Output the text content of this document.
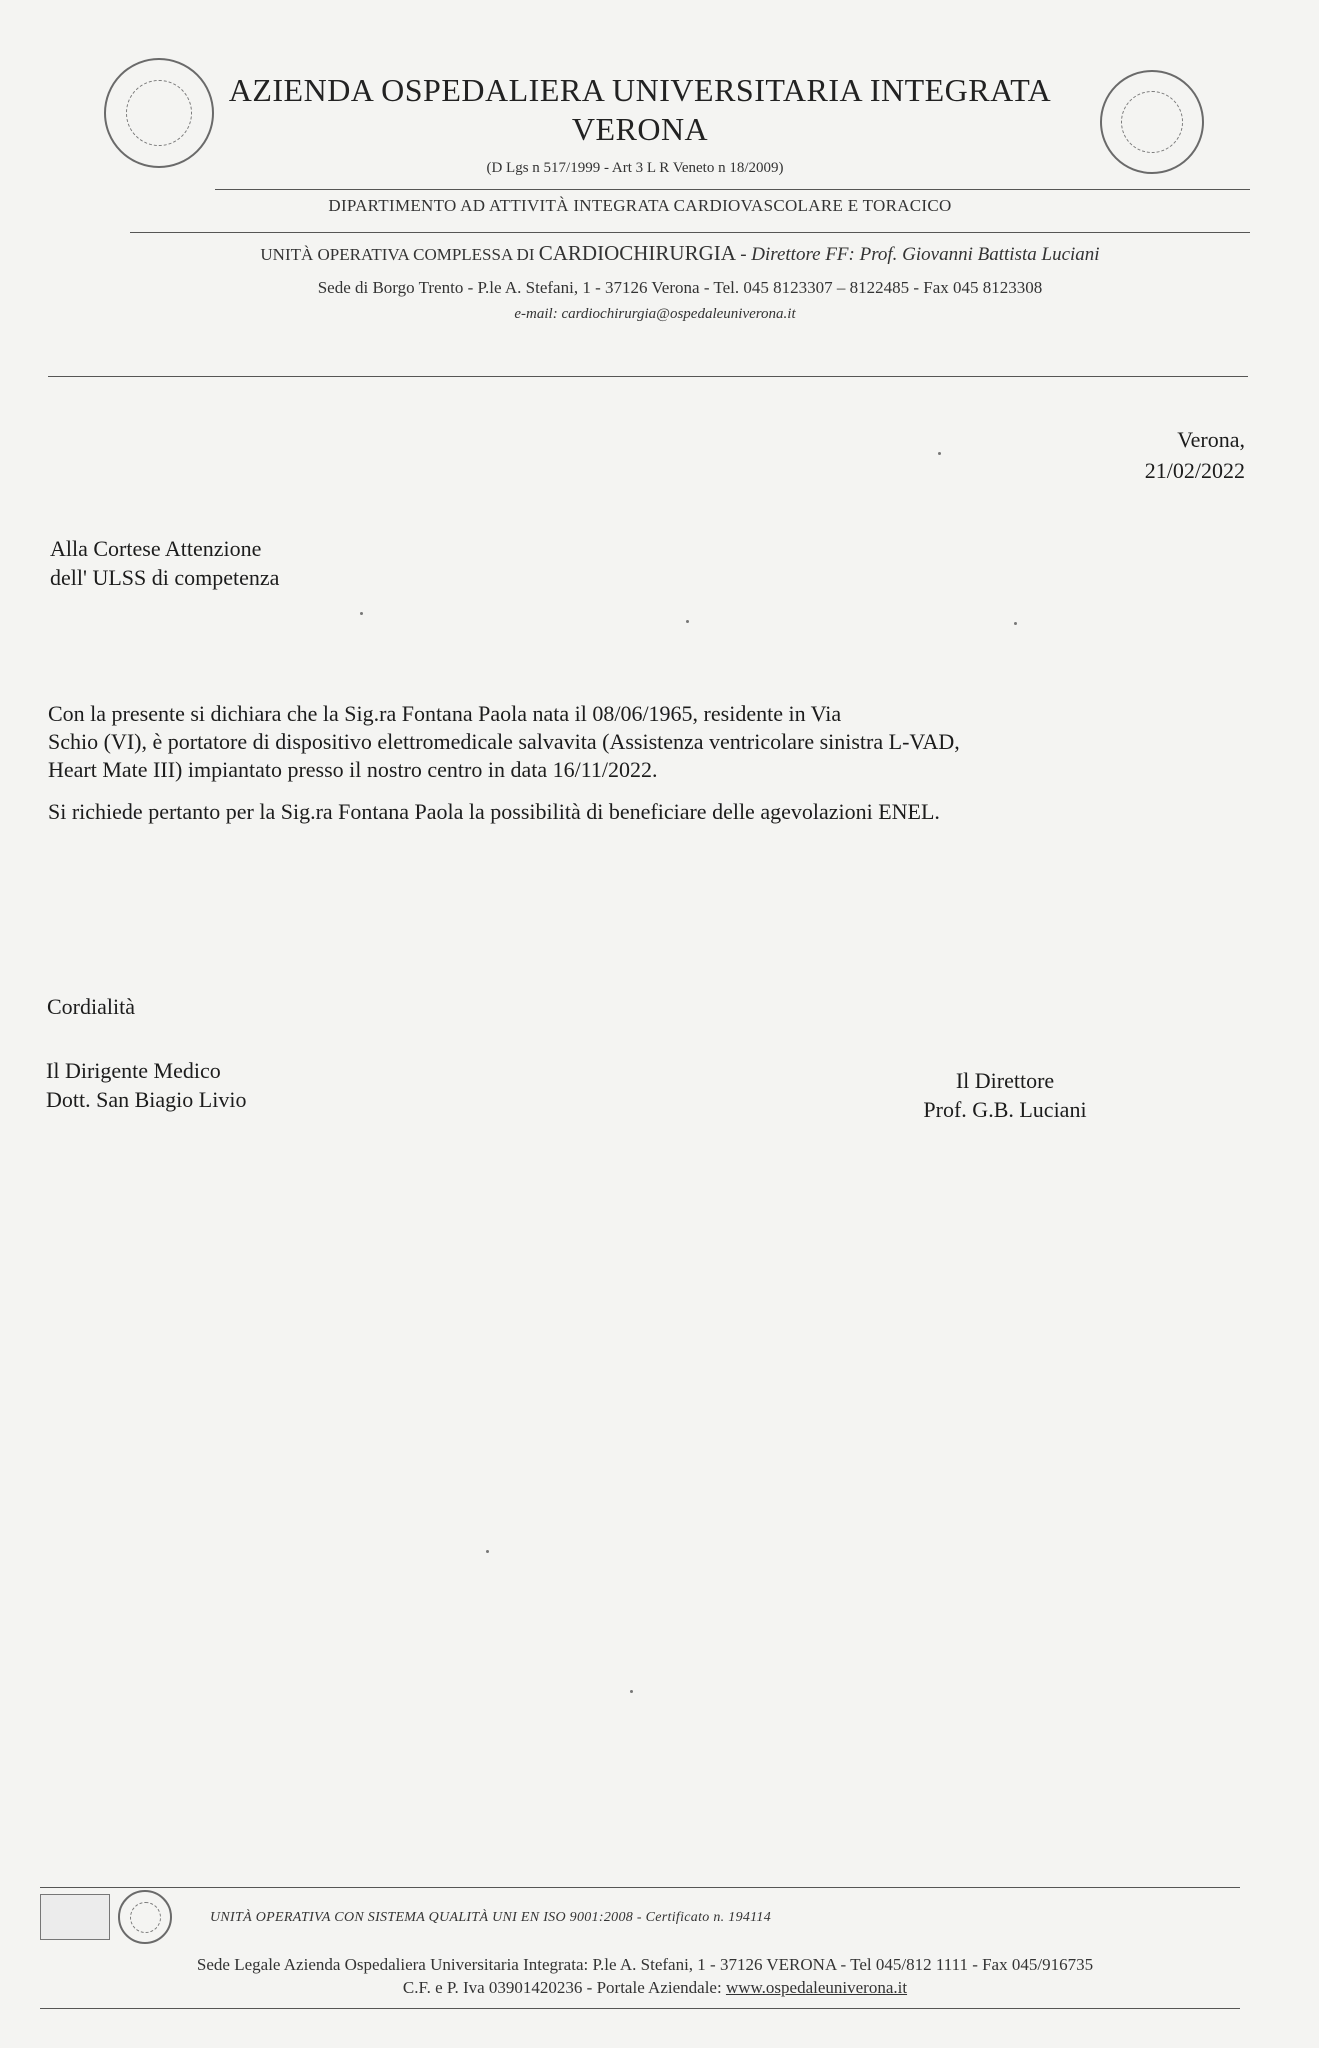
AZIENDA OSPEDALIERA UNIVERSITARIA INTEGRATA
VERONA
(D Lgs n 517/1999 - Art 3 L R Veneto n 18/2009)
DIPARTIMENTO AD ATTIVITÀ INTEGRATA CARDIOVASCOLARE E TORACICO
UNITÀ OPERATIVA COMPLESSA DI CARDIOCHIRURGIA - Direttore FF: Prof. Giovanni Battista Luciani
Sede di Borgo Trento - P.le A. Stefani, 1 - 37126 Verona - Tel. 045 8123307 – 8122485 - Fax 045 8123308
e-mail: cardiochirurgia@ospedaleuniverona.it
Verona,
21/02/2022
Alla Cortese Attenzione
dell' ULSS di competenza
Con la presente si dichiara che la Sig.ra Fontana Paola nata il 08/06/1965, residente in Via
Schio (VI), è portatore di dispositivo elettromedicale salvavita (Assistenza ventricolare sinistra L-VAD,
Heart Mate III) impiantato presso il nostro centro in data 16/11/2022.
Si richiede pertanto per la Sig.ra Fontana Paola la possibilità di beneficiare delle agevolazioni ENEL.
Cordialità
Il Dirigente Medico
Dott. San Biagio Livio
Il Direttore
Prof. G.B. Luciani
UNITÀ OPERATIVA CON SISTEMA QUALITÀ UNI EN ISO 9001:2008 - Certificato n. 194114
Sede Legale Azienda Ospedaliera Universitaria Integrata: P.le A. Stefani, 1 - 37126 VERONA - Tel 045/812 1111 - Fax 045/916735
C.F. e P. Iva 03901420236 - Portale Aziendale: www.ospedaleuniverona.it
